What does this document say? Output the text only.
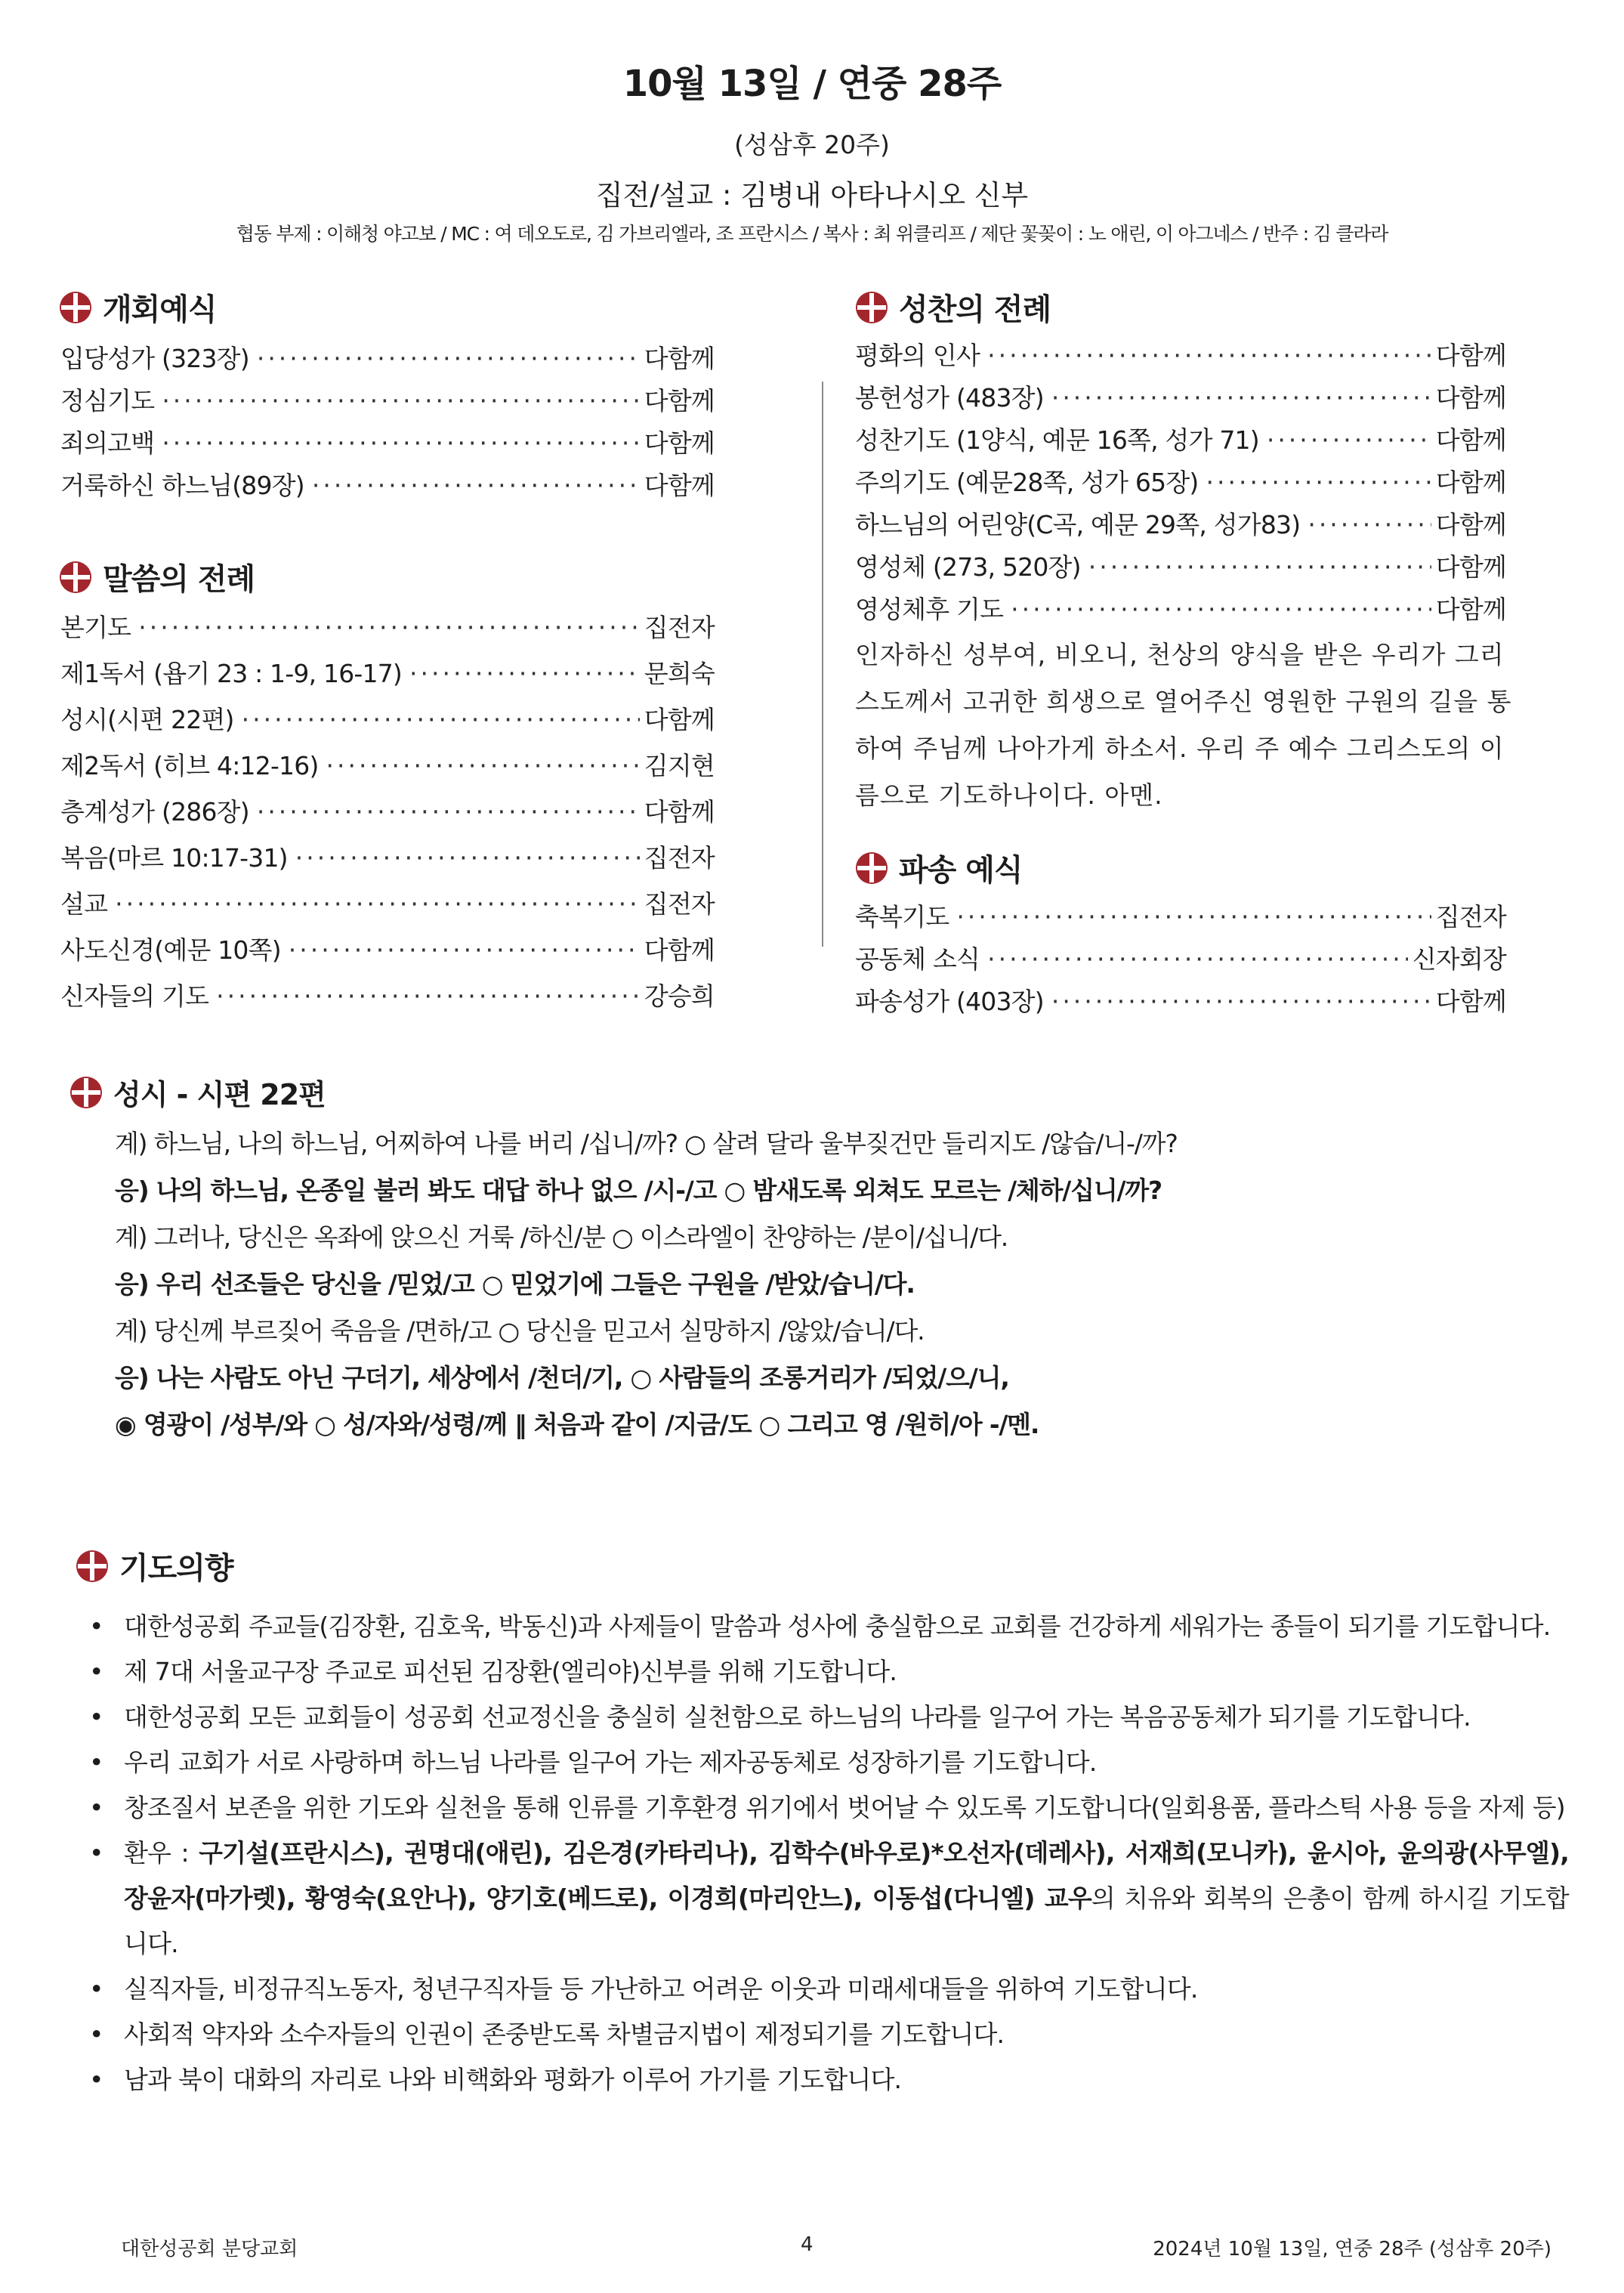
10월 13일 / 연중 28주
(성삼후 20주)
집전/설교 : 김병내 아타나시오 신부
협동 부제 : 이해청 야고보 / MC : 여 데오도로, 김 가브리엘라, 조 프란시스 / 복사 : 최 위클리프 / 제단 꽃꽂이 : 노 애린, 이 아그네스 / 반주 : 김 클라라
개회예식
입당성가 (323장) ·····	다함께
정심기도 ·····	다함께
죄의고백 ·····	다함께
거룩하신 하느님(89장) ·····	다함께
말씀의 전례
본기도 ·····	집전자
제1독서 (욥기 23 : 1-9, 16-17) ·····	문희숙
성시(시편 22편) ·····	다함께
제2독서 (히브 4:12-16) ·····	김지현
층계성가 (286장) ·····	다함께
복음(마르 10:17-31) ·····	집전자
설교 ·····	집전자
사도신경(예문 10쪽) ·····	다함께
신자들의 기도 ·····	강승희
성찬의 전례
평화의 인사 ·····	다함께
봉헌성가 (483장) ·····	다함께
성찬기도 (1양식, 예문 16쪽, 성가 71) ·····	다함께
주의기도 (예문28쪽, 성가 65장) ·····	다함께
하느님의 어린양(C곡, 예문 29쪽, 성가83) ·····	다함께
영성체 (273, 520장) ·····	다함께
영성체후 기도 ·····	다함께
인자하신 성부여, 비오니, 천상의 양식을 받은 우리가 그리스도께서 고귀한 희생으로 열어주신 영원한 구원의 길을 통하여 주님께 나아가게 하소서. 우리 주 예수 그리스도의 이름으로 기도하나이다. 아멘.
파송 예식
축복기도 ·····	집전자
공동체 소식 ·····	신자회장
파송성가 (403장) ·····	다함께
성시 - 시편 22편
계) 하느님, 나의 하느님, 어찌하여 나를 버리 /십니/까? ○ 살려 달라 울부짖건만 들리지도 /않습/니-/까?
응) 나의 하느님, 온종일 불러 봐도 대답 하나 없으 /시-/고 ○ 밤새도록 외쳐도 모르는 /체하/십니/까?
계) 그러나, 당신은 옥좌에 앉으신 거룩 /하신/분 ○ 이스라엘이 찬양하는 /분이/십니/다.
응) 우리 선조들은 당신을 /믿었/고 ○ 믿었기에 그들은 구원을 /받았/습니/다.
계) 당신께 부르짖어 죽음을 /면하/고 ○ 당신을 믿고서 실망하지 /않았/습니/다.
응) 나는 사람도 아닌 구더기, 세상에서 /천더/기, ○ 사람들의 조롱거리가 /되었/으/니,
◉ 영광이 /성부/와 ○ 성/자와/성령/께 ‖ 처음과 같이 /지금/도 ○ 그리고 영 /원히/아 -/멘.
기도의향
• 대한성공회 주교들(김장환, 김호욱, 박동신)과 사제들이 말씀과 성사에 충실함으로 교회를 건강하게 세워가는 종들이 되기를 기도합니다.
• 제 7대 서울교구장 주교로 피선된 김장환(엘리야)신부를 위해 기도합니다.
• 대한성공회 모든 교회들이 성공회 선교정신을 충실히 실천함으로 하느님의 나라를 일구어 가는 복음공동체가 되기를 기도합니다.
• 우리 교회가 서로 사랑하며 하느님 나라를 일구어 가는 제자공동체로 성장하기를 기도합니다.
• 창조질서 보존을 위한 기도와 실천을 통해 인류를 기후환경 위기에서 벗어날 수 있도록 기도합니다(일회용품, 플라스틱 사용 등을 자제 등)
• 환우 : 구기설(프란시스), 권명대(애린), 김은경(카타리나), 김학수(바우로)*오선자(데레사), 서재희(모니카), 윤시아, 윤의광(사무엘), 장윤자(마가렛), 황영숙(요안나), 양기호(베드로), 이경희(마리안느), 이동섭(다니엘) 교우의 치유와 회복의 은총이 함께 하시길 기도합니다.
• 실직자들, 비정규직노동자, 청년구직자들 등 가난하고 어려운 이웃과 미래세대들을 위하여 기도합니다.
• 사회적 약자와 소수자들의 인권이 존중받도록 차별금지법이 제정되기를 기도합니다.
• 남과 북이 대화의 자리로 나와 비핵화와 평화가 이루어 가기를 기도합니다.
대한성공회 분당교회	4	2024년 10월 13일, 연중 28주 (성삼후 20주)
